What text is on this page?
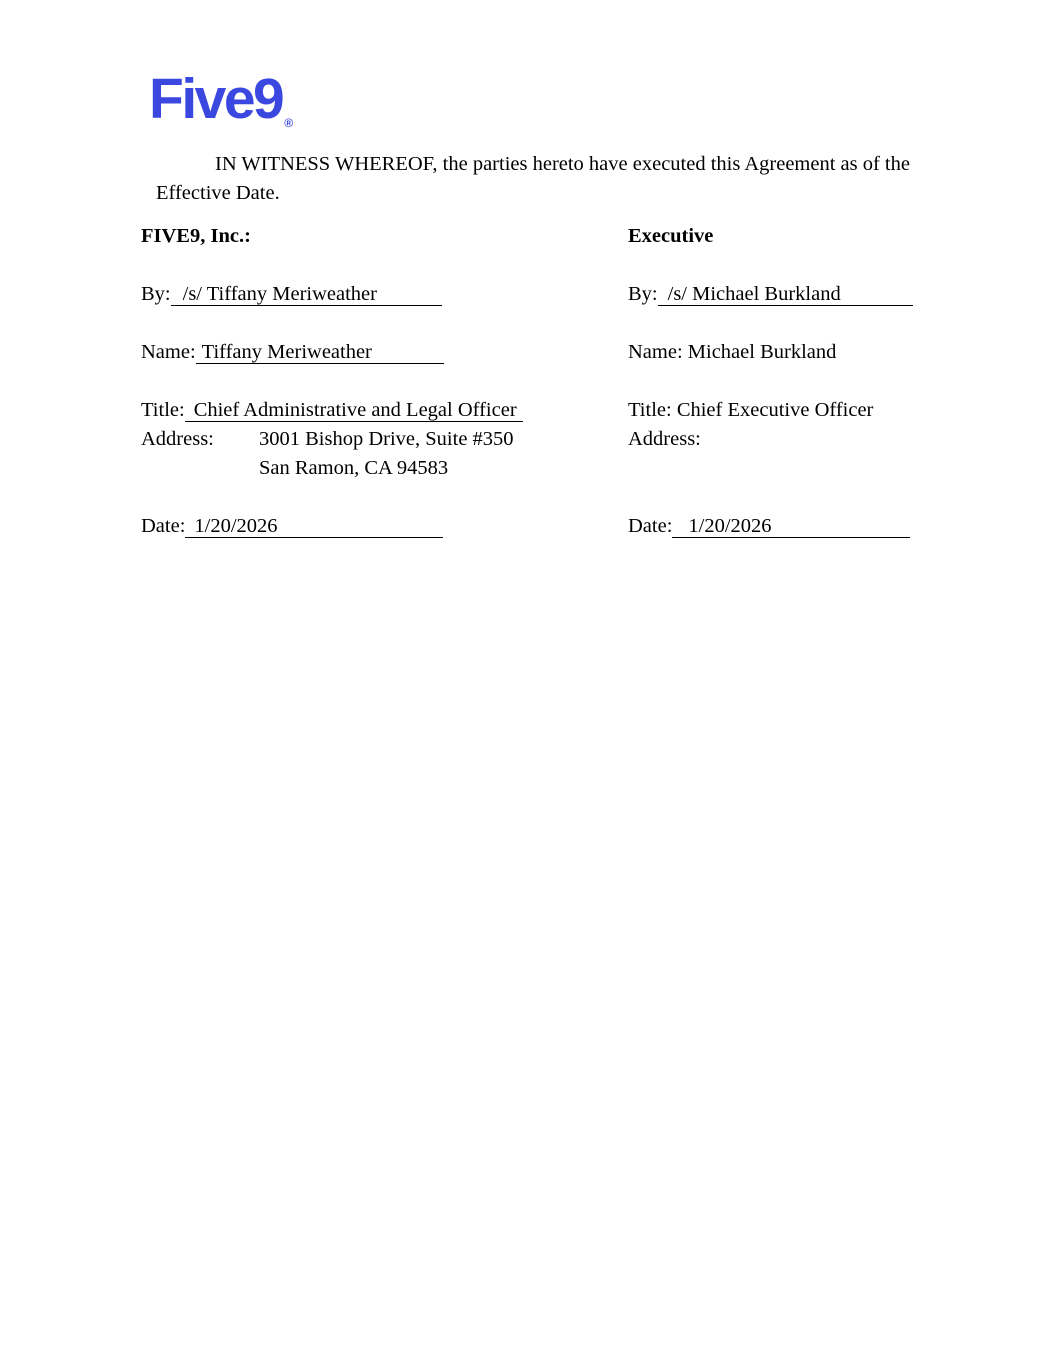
Five9 ®

IN WITNESS WHEREOF, the parties hereto have executed this Agreement as of the Effective Date.

FIVE9, Inc.:	Executive
By: /s/ Tiffany Meriweather	By: /s/ Michael Burkland
Name: Tiffany Meriweather	Name: Michael Burkland
Title: Chief Administrative and Legal Officer	Title: Chief Executive Officer
Address: 3001 Bishop Drive, Suite #350	Address:
San Ramon, CA 94583
Date: 1/20/2026	Date: 1/20/2026
